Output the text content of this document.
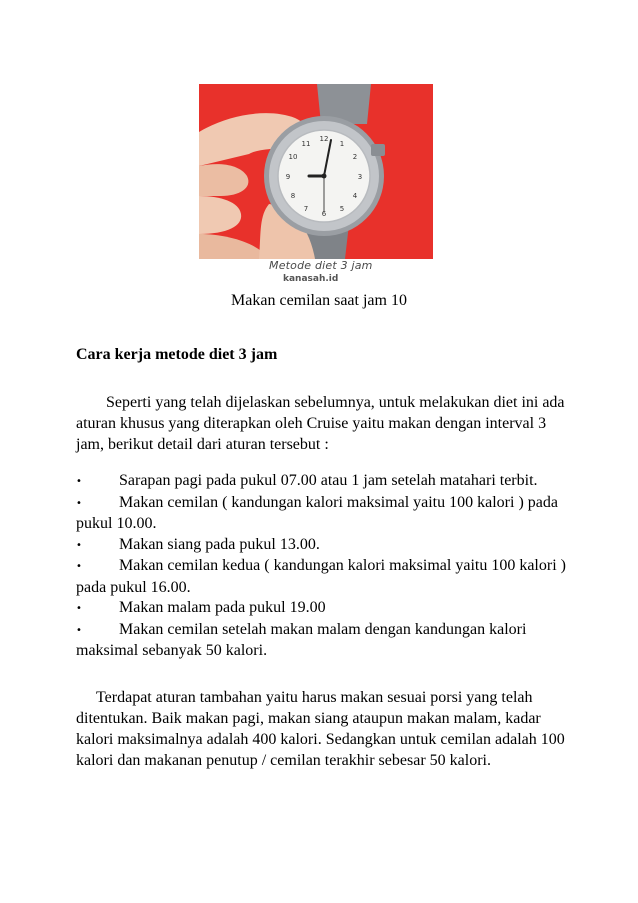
12
1
2
3
4
5
6
7
8
9
10
11
Metode diet 3 jam
kanasah.id
Makan cemilan saat jam 10
Cara kerja metode diet 3 jam

Seperti yang telah dijelaskan sebelumnya, untuk melakukan diet ini ada aturan khusus yang diterapkan oleh Cruise yaitu makan dengan interval 3 jam, berikut detail dari aturan tersebut :

• Sarapan pagi pada pukul 07.00 atau 1 jam setelah matahari terbit.
• Makan cemilan ( kandungan kalori maksimal yaitu 100 kalori ) pada pukul 10.00.
• Makan siang pada pukul 13.00.
• Makan cemilan kedua ( kandungan kalori maksimal yaitu 100 kalori ) pada pukul 16.00.
• Makan malam pada pukul 19.00
• Makan cemilan setelah makan malam dengan kandungan kalori maksimal sebanyak 50 kalori.

Terdapat aturan tambahan yaitu harus makan sesuai porsi yang telah ditentukan. Baik makan pagi, makan siang ataupun makan malam, kadar kalori maksimalnya adalah 400 kalori. Sedangkan untuk cemilan adalah 100 kalori dan makanan penutup / cemilan terakhir sebesar 50 kalori.
